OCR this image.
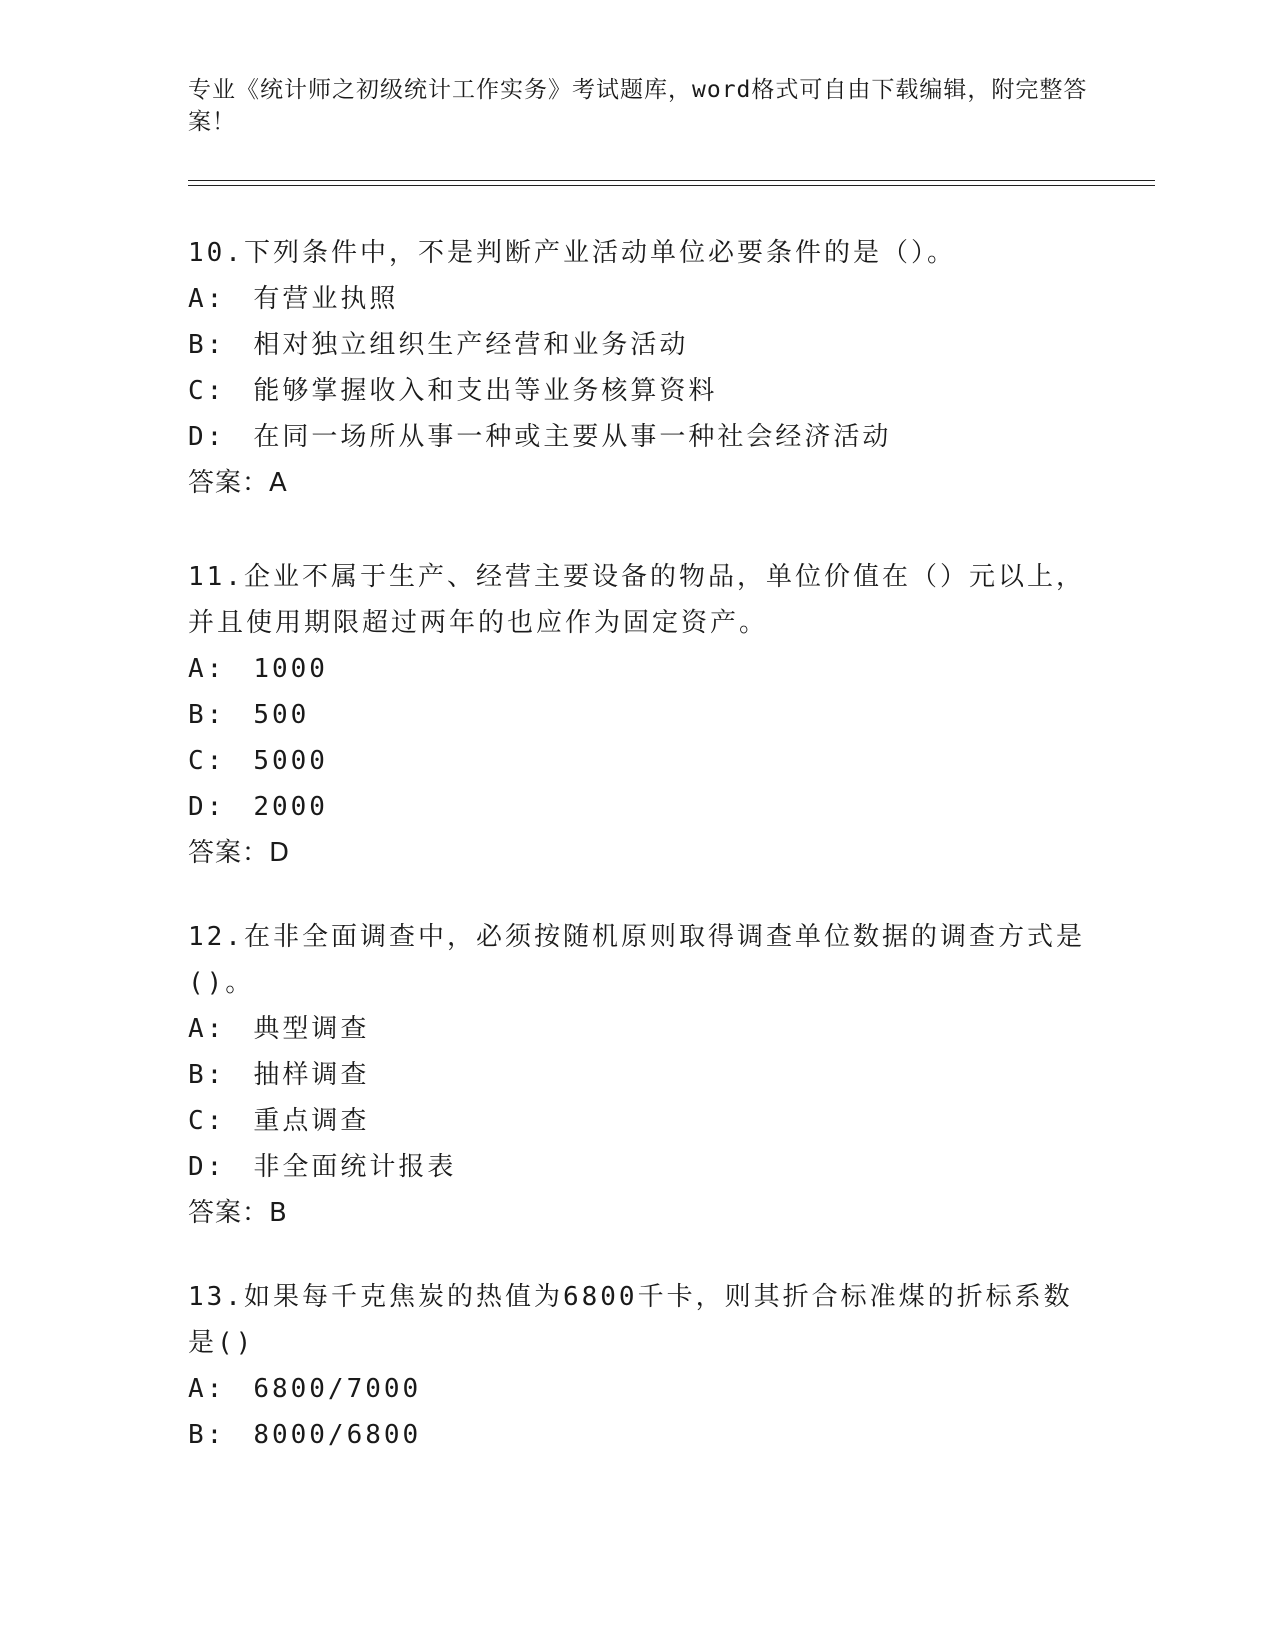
专业《统计师之初级统计工作实务》考试题库，word格式可自由下载编辑，附完整答案！

10.下列条件中，不是判断产业活动单位必要条件的是（）。

A: 有营业执照

B: 相对独立组织生产经营和业务活动

C: 能够掌握收入和支出等业务核算资料

D: 在同一场所从事一种或主要从事一种社会经济活动

答案：A

11.企业不属于生产、经营主要设备的物品，单位价值在（）元以上，并且使用期限超过两年的也应作为固定资产。

A: 1000

B: 500

C: 5000

D: 2000

答案：D

12.在非全面调查中，必须按随机原则取得调查单位数据的调查方式是()。

A: 典型调查

B: 抽样调查

C: 重点调查

D: 非全面统计报表

答案：B

13.如果每千克焦炭的热值为6800千卡，则其折合标准煤的折标系数是()

A: 6800/7000

B: 8000/6800
